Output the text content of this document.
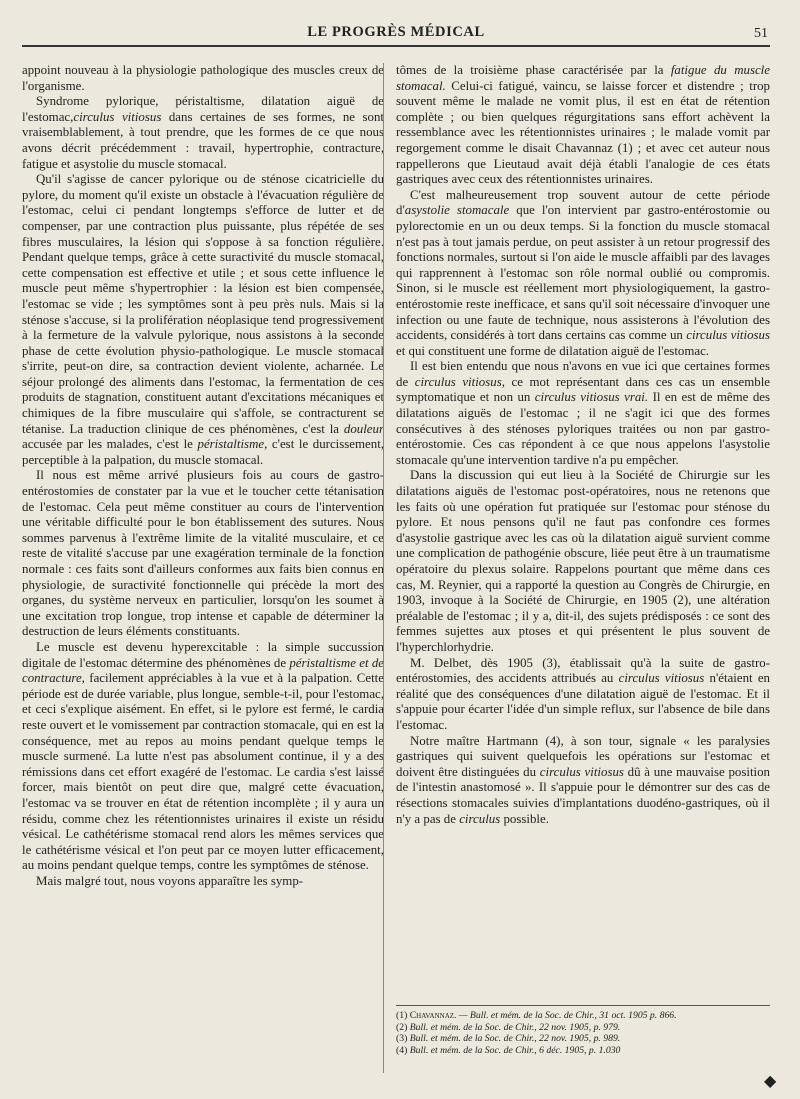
LE PROGRÈS MÉDICAL	51

appoint nouveau à la physiologie pathologique des muscles creux de l'organisme.

Syndrome pylorique, péristaltisme, dilatation aiguë de l'estomac,circulus vitiosus dans certaines de ses formes, ne sont vraisemblablement, à tout prendre, que les formes de ce que nous avons décrit précédemment : travail, hypertrophie, contracture, fatigue et asystolie du muscle stomacal.

Qu'il s'agisse de cancer pylorique ou de sténose cicatricielle du pylore, du moment qu'il existe un obstacle à l'évacuation régulière de l'estomac, celui ci pendant longtemps s'efforce de lutter et de compenser, par une contraction plus puissante, plus répétée de ses fibres musculaires, la lésion qui s'oppose à sa fonction régulière. Pendant quelque temps, grâce à cette suractivité du muscle stomacal, cette compensation est effective et utile ; et sous cette influence le muscle peut même s'hypertrophier : la lésion est bien compensée, l'estomac se vide ; les symptômes sont à peu près nuls. Mais si la sténose s'accuse, si la prolifération néoplasique tend progressivement à la fermeture de la valvule pylorique, nous assistons à la seconde phase de cette évolution physio-pathologique. Le muscle stomacal s'irrite, peut-on dire, sa contraction devient violente, acharnée. Le séjour prolongé des aliments dans l'estomac, la fermentation de ces produits de stagnation, constituent autant d'excitations mécaniques et chimiques de la fibre musculaire qui s'affole, se contracturent se tétanise. La traduction clinique de ces phénomènes, c'est la douleur accusée par les malades, c'est le péristaltisme, c'est le durcissement, perceptible à la palpation, du muscle stomacal.

Il nous est même arrivé plusieurs fois au cours de gastro-entérostomies de constater par la vue et le toucher cette tétanisation de l'estomac. Cela peut même constituer au cours de l'intervention une véritable difficulté pour le bon établissement des sutures. Nous sommes parvenus à l'extrême limite de la vitalité musculaire, et ce reste de vitalité s'accuse par une exagération terminale de la fonction normale : ces faits sont d'ailleurs conformes aux faits bien connus en physiologie, de suractivité fonctionnelle qui précède la mort des organes, du système nerveux en particulier, lorsqu'on les soumet à une excitation trop longue, trop intense et capable de déterminer la destruction de leurs éléments constituants.

Le muscle est devenu hyperexcitable : la simple succussion digitale de l'estomac détermine des phénomènes de péristaltisme et de contracture, facilement appréciables à la vue et à la palpation. Cette période est de durée variable, plus longue, semble-t-il, pour l'estomac, et ceci s'explique aisément. En effet, si le pylore est fermé, le cardia reste ouvert et le vomissement par contraction stomacale, qui en est la conséquence, met au repos au moins pendant quelque temps le muscle surmené. La lutte n'est pas absolument continue, il y a des rémissions dans cet effort exagéré de l'estomac. Le cardia s'est laissé forcer, mais bientôt on peut dire que, malgré cette évacuation, l'estomac va se trouver en état de rétention incomplète ; il y aura un résidu, comme chez les rétentionnistes urinaires il existe un résidu vésical. Le cathétérisme stomacal rend alors les mêmes services que le cathétérisme vésical et l'on peut par ce moyen lutter efficacement, au moins pendant quelque temps, contre les symptômes de sténose.

Mais malgré tout, nous voyons apparaître les symp-

tômes de la troisième phase caractérisée par la fatigue du muscle stomacal. Celui-ci fatigué, vaincu, se laisse forcer et distendre ; trop souvent même le malade ne vomit plus, il est en état de rétention complète ; ou bien quelques régurgitations sans effort achèvent la ressemblance avec les rétentionnistes urinaires ; le malade vomit par regorgement comme le disait Chavannaz (1) ; et avec cet auteur nous rappellerons que Lieutaud avait déjà établi l'analogie de ces états gastriques avec ceux des rétentionnistes urinaires.

C'est malheureusement trop souvent autour de cette période d'asystolie stomacale que l'on intervient par gastro-entérostomie ou pylorectomie en un ou deux temps. Si la fonction du muscle stomacal n'est pas à tout jamais perdue, on peut assister à un retour progressif des fonctions normales, surtout si l'on aide le muscle affaibli par des lavages qui rapprennent à l'estomac son rôle normal oublié ou compromis. Sinon, si le muscle est réellement mort physiologiquement, la gastro-entérostomie reste inefficace, et sans qu'il soit nécessaire d'invoquer une infection ou une faute de technique, nous assisterons à l'évolution des accidents, considérés à tort dans certains cas comme un circulus vitiosus et qui constituent une forme de dilatation aiguë de l'estomac.

Il est bien entendu que nous n'avons en vue ici que certaines formes de circulus vitiosus, ce mot représentant dans ces cas un ensemble symptomatique et non un circulus vitiosus vrai. Il en est de même des dilatations aiguës de l'estomac ; il ne s'agit ici que des formes consécutives à des sténoses pyloriques traitées ou non par gastro-entérostomie. Ces cas répondent à ce que nous appelons l'asystolie stomacale qu'une intervention tardive n'a pu empêcher.

Dans la discussion qui eut lieu à la Société de Chirurgie sur les dilatations aiguës de l'estomac post-opératoires, nous ne retenons que les faits où une opération fut pratiquée sur l'estomac pour sténose du pylore. Et nous pensons qu'il ne faut pas confondre ces formes d'asystolie gastrique avec les cas où la dilatation aiguë survient comme une complication de pathogénie obscure, liée peut être à un traumatisme opératoire du plexus solaire. Rappelons pourtant que même dans ces cas, M. Reynier, qui a rapporté la question au Congrès de Chirurgie, en 1903, invoque à la Société de Chirurgie, en 1905 (2), une altération préalable de l'estomac ; il y a, dit-il, des sujets prédisposés : ce sont des femmes sujettes aux ptoses et qui présentent le plus souvent de l'hyperchlorhydrie.

M. Delbet, dès 1905 (3), établissait qu'à la suite de gastro-entérostomies, des accidents attribués au circulus vitiosus n'étaient en réalité que des conséquences d'une dilatation aiguë de l'estomac. Et il s'appuie pour écarter l'idée d'un simple reflux, sur l'absence de bile dans l'estomac.

Notre maître Hartmann (4), à son tour, signale « les paralysies gastriques qui suivent quelquefois les opérations sur l'estomac et doivent être distinguées du circulus vitiosus dû à une mauvaise position de l'intestin anastomosé ». Il s'appuie pour le démontrer sur des cas de résections stomacales suivies d'implantations duodéno-gastriques, où il n'y a pas de circulus possible.

(1) Chavannaz. — Bull. et mém. de la Soc. de Chir., 31 oct. 1905 p. 866.
(2) Bull. et mém. de la Soc. de Chir., 22 nov. 1905, p. 979.
(3) Bull. et mém. de la Soc. de Chir., 22 nov. 1905, p. 989.
(4) Bull. et mém. de la Soc. de Chir., 6 déc. 1905, p. 1.030
◆
